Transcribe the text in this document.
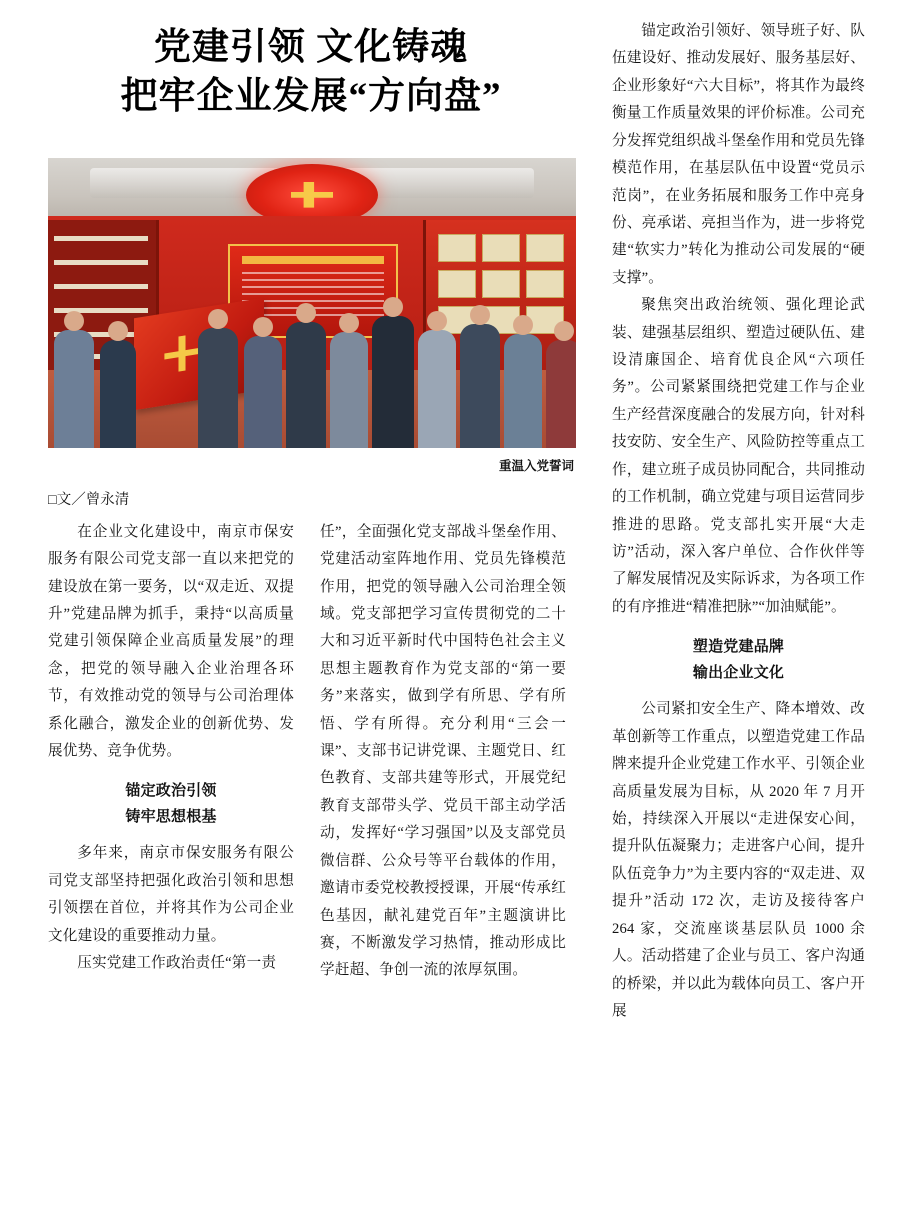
党建引领 文化铸魂
把牢企业发展“方向盘”
重温入党誓词
□文／曾永清

在企业文化建设中，南京市保安服务有限公司党支部一直以来把党的建设放在第一要务，以“双走近、双提升”党建品牌为抓手，秉持“以高质量党建引领保障企业高质量发展”的理念，把党的领导融入企业治理各环节，有效推动党的领导与公司治理体系化融合，激发企业的创新优势、发展优势、竞争优势。

锚定政治引领
铸牢思想根基

多年来，南京市保安服务有限公司党支部坚持把强化政治引领和思想引领摆在首位，并将其作为公司企业文化建设的重要推动力量。

压实党建工作政治责任“第一责

任”，全面强化党支部战斗堡垒作用、党建活动室阵地作用、党员先锋模范作用，把党的领导融入公司治理全领域。党支部把学习宣传贯彻党的二十大和习近平新时代中国特色社会主义思想主题教育作为党支部的“第一要务”来落实，做到学有所思、学有所悟、学有所得。充分利用“三会一课”、支部书记讲党课、主题党日、红色教育、支部共建等形式，开展党纪教育支部带头学、党员干部主动学活动，发挥好“学习强国”以及支部党员微信群、公众号等平台载体的作用，邀请市委党校教授授课，开展“传承红色基因，献礼建党百年”主题演讲比赛，不断激发学习热情，推动形成比学赶超、争创一流的浓厚氛围。

锚定政治引领好、领导班子好、队伍建设好、推动发展好、服务基层好、企业形象好“六大目标”，将其作为最终衡量工作质量效果的评价标准。公司充分发挥党组织战斗堡垒作用和党员先锋模范作用，在基层队伍中设置“党员示范岗”，在业务拓展和服务工作中亮身份、亮承诺、亮担当作为，进一步将党建“软实力”转化为推动公司发展的“硬支撑”。

聚焦突出政治统领、强化理论武装、建强基层组织、塑造过硬队伍、建设清廉国企、培育优良企风“六项任务”。公司紧紧围绕把党建工作与企业生产经营深度融合的发展方向，针对科技安防、安全生产、风险防控等重点工作，建立班子成员协同配合，共同推动的工作机制，确立党建与项目运营同步推进的思路。党支部扎实开展“大走访”活动，深入客户单位、合作伙伴等了解发展情况及实际诉求，为各项工作的有序推进“精准把脉”“加油赋能”。

塑造党建品牌
输出企业文化

公司紧扣安全生产、降本增效、改革创新等工作重点，以塑造党建工作品牌来提升企业党建工作水平、引领企业高质量发展为目标，从 2020 年 7 月开始，持续深入开展以“走进保安心间，提升队伍凝聚力；走进客户心间，提升队伍竞争力”为主要内容的“双走进、双提升”活动 172 次，走访及接待客户 264 家，交流座谈基层队员 1000 余人。活动搭建了企业与员工、客户沟通的桥梁，并以此为载体向员工、客户开展
